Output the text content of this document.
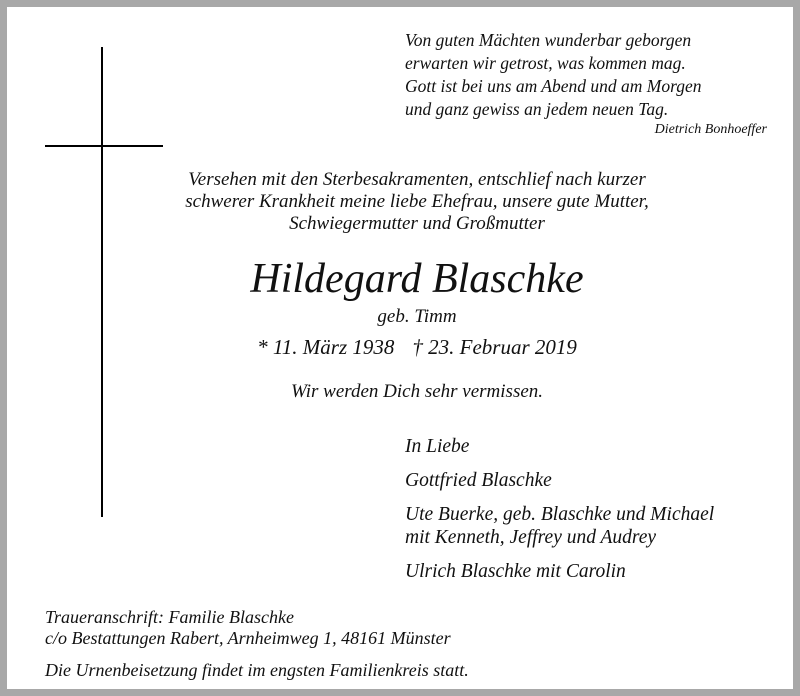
Von guten Mächten wunderbar geborgen
erwarten wir getrost, was kommen mag.
Gott ist bei uns am Abend und am Morgen
und ganz gewiss an jedem neuen Tag.
Dietrich Bonhoeffer
Versehen mit den Sterbesakramenten, entschlief nach kurzer
schwerer Krankheit meine liebe Ehefrau, unsere gute Mutter,
Schwiegermutter und Großmutter
Hildegard Blaschke
geb. Timm
* 11. März 1938 † 23. Februar 2019
Wir werden Dich sehr vermissen.
In Liebe
Gottfried Blaschke
Ute Buerke, geb. Blaschke und Michael
mit Kenneth, Jeffrey und Audrey
Ulrich Blaschke mit Carolin
Traueranschrift: Familie Blaschke
c/o Bestattungen Rabert, Arnheimweg 1, 48161 Münster
Die Urnenbeisetzung findet im engsten Familienkreis statt.
